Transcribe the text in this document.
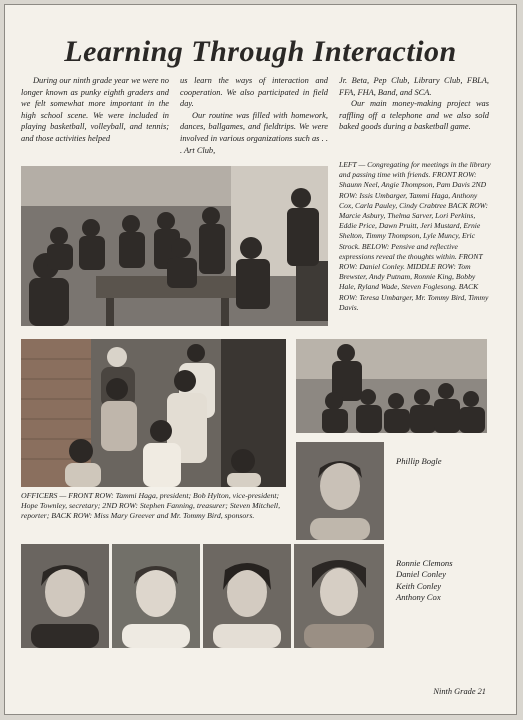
Learning Through Interaction

During our ninth grade year we were no longer known as punky eighth graders and we felt somewhat more important in the high school scene. We were included in playing basketball, volleyball, and tennis; and those activities helped

us learn the ways of interaction and cooperation. We also participated in field day.

Our routine was filled with homework, dances, ballgames, and fieldtrips. We were involved in various organizations such as . . . Art Club,

Jr. Beta, Pep Club, Library Club, FBLA, FFA, FHA, Band, and SCA.

Our main money-making project was raffling off a telephone and we also sold baked goods during a basketball game.

LEFT — Congregating for meetings in the library and passing time with friends. FRONT ROW: Shaunn Neel, Angie Thompson, Pam Davis 2ND ROW: Issis Umbarger, Tammi Haga, Anthony Cox, Carla Pauley, Cindy Crabtree BACK ROW: Marcie Asbury, Thelma Sarver, Lori Perkins, Eddie Price, Dawn Pruitt, Jeri Mustard, Ernie Shelton, Timmy Thompson, Lyle Muncy, Eric Strock. BELOW: Pensive and reflective expressions reveal the thoughts within. FRONT ROW: Daniel Conley. MIDDLE ROW: Tom Brewster, Andy Putnam, Ronnie King, Bobby Hale, Ryland Wade, Steven Foglesong. BACK ROW: Teresa Umbarger, Mr. Tommy Bird, Timmy Davis.
OFFICERS — FRONT ROW: Tammi Haga, president; Bob Hylton, vice-president; Hope Townley, secretary; 2ND ROW: Stephen Fanning, treasurer; Steven Mitchell, reporter; BACK ROW: Miss Mary Greever and Mr. Tommy Bird, sponsors.
Phillip Bogle
Ronnie Clemons
Daniel Conley
Keith Conley
Anthony Cox
Ninth Grade 21
